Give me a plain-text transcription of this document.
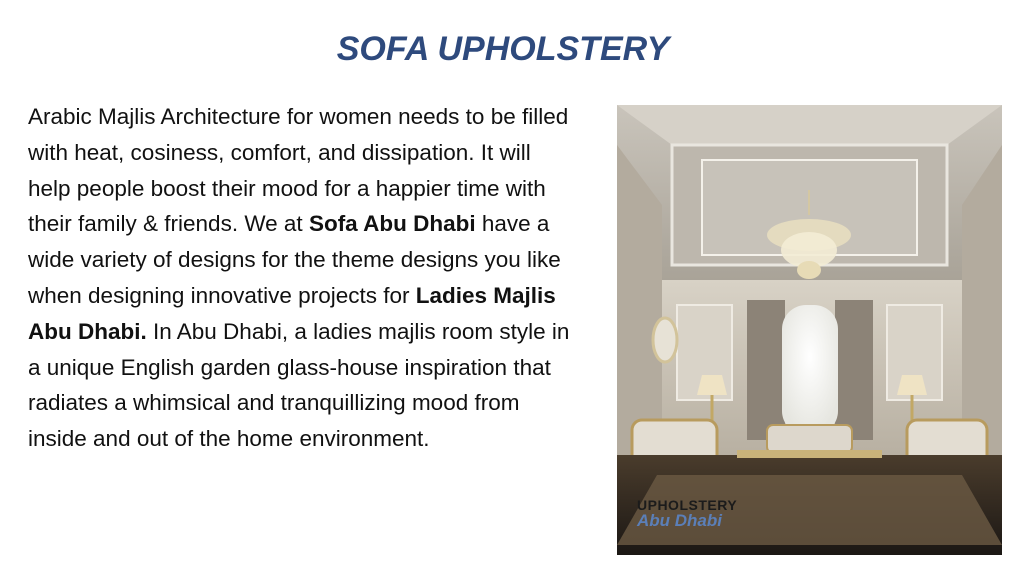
SOFA UPHOLSTERY

Arabic Majlis Architecture for women needs to be filled with heat, cosiness, comfort, and dissipation. It will help people boost their mood for a happier time with their family & friends. We at Sofa Abu Dhabi have a wide variety of designs for the theme designs you like when designing innovative projects for Ladies Majlis Abu Dhabi. In Abu Dhabi, a ladies majlis room style in a unique English garden glass-house inspiration that radiates a whimsical and tranquillizing mood from inside and out of the home environment.

UPHOLSTERY
Abu Dhabi
